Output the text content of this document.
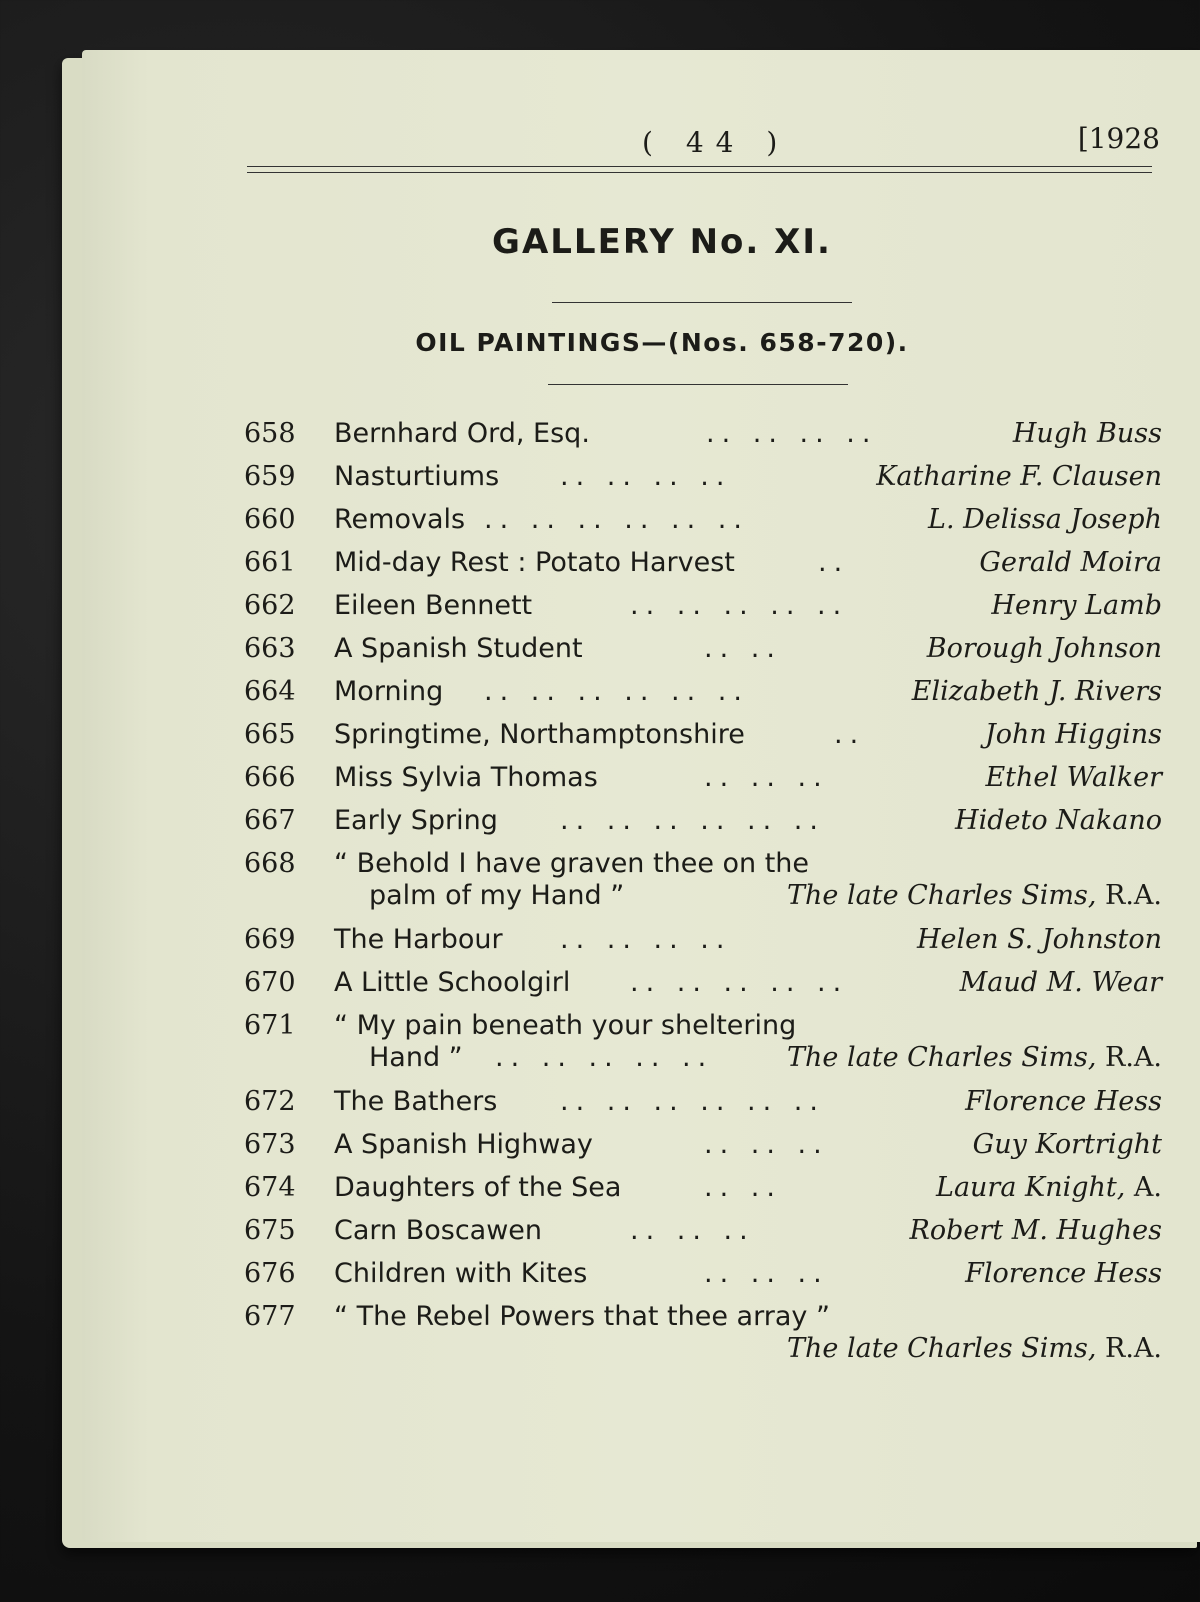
( 44 )	[1928
GALLERY No. XI.
OIL PAINTINGS—(Nos. 658-720).
658 Bernhard Ord, Esq.	.. .. .. ..	Hugh Buss
659 Nasturtiums .. .. .. ..	Katharine F. Clausen
660 Removals .. .. .. .. .. ..	L. Delissa Joseph
661 Mid-day Rest : Potato Harvest	..	Gerald Moira
662 Eileen Bennett	.. .. .. .. ..	Henry Lamb
663 A Spanish Student	.. ..	Borough Johnson
664 Morning .. .. .. .. .. ..	Elizabeth J. Rivers
665 Springtime, Northamptonshire	..	John Higgins
666 Miss Sylvia Thomas	.. .. ..	Ethel Walker
667 Early Spring .. .. .. .. .. ..	Hideto Nakano
668 “ Behold I have graven thee on the
palm of my Hand ”	The late Charles Sims, R.A.
669 The Harbour .. .. .. ..	Helen S. Johnston
670 A Little Schoolgirl .. .. .. .. ..	Maud M. Wear
671 “ My pain beneath your sheltering
Hand ” .. .. .. .. ..	The late Charles Sims, R.A.
672 The Bathers .. .. .. .. .. ..	Florence Hess
673 A Spanish Highway	.. .. ..	Guy Kortright
674 Daughters of the Sea	.. ..	Laura Knight, A.
675 Carn Boscawen	.. .. ..	Robert M. Hughes
676 Children with Kites	.. .. ..	Florence Hess
677 “ The Rebel Powers that thee array ”
The late Charles Sims, R.A.
